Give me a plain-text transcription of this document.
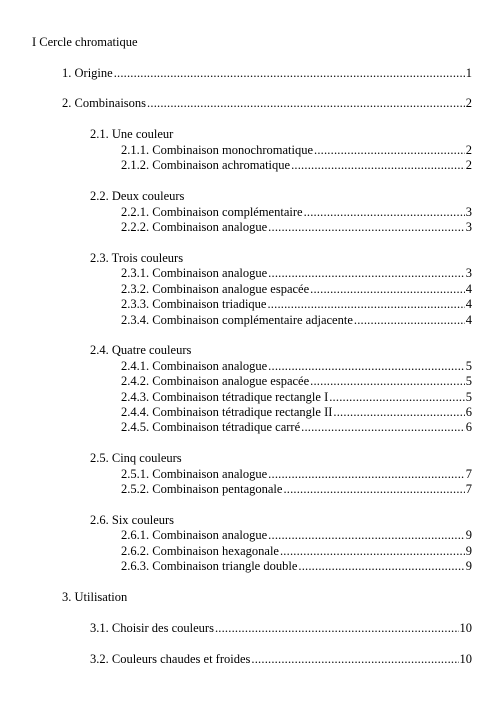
I Cercle chromatique
1. Origine .....	1
2. Combinaisons .....	2
2.1. Une couleur
2.1.1. Combinaison monochromatique .....	2
2.1.2. Combinaison achromatique .....	2
2.2. Deux couleurs
2.2.1. Combinaison complémentaire .....	3
2.2.2. Combinaison analogue .....	3
2.3. Trois couleurs
2.3.1. Combinaison analogue .....	3
2.3.2. Combinaison analogue espacée .....	4
2.3.3. Combinaison triadique .....	4
2.3.4. Combinaison complémentaire adjacente .....	4
2.4. Quatre couleurs
2.4.1. Combinaison analogue .....	5
2.4.2. Combinaison analogue espacée .....	5
2.4.3. Combinaison tétradique rectangle I .....	5
2.4.4. Combinaison tétradique rectangle II .....	6
2.4.5. Combinaison tétradique carré .....	6
2.5. Cinq couleurs
2.5.1. Combinaison analogue .....	7
2.5.2. Combinaison pentagonale .....	7
2.6. Six couleurs
2.6.1. Combinaison analogue .....	9
2.6.2. Combinaison hexagonale .....	9
2.6.3. Combinaison triangle double .....	9
3. Utilisation
3.1. Choisir des couleurs .....	10
3.2. Couleurs chaudes et froides .....	10
